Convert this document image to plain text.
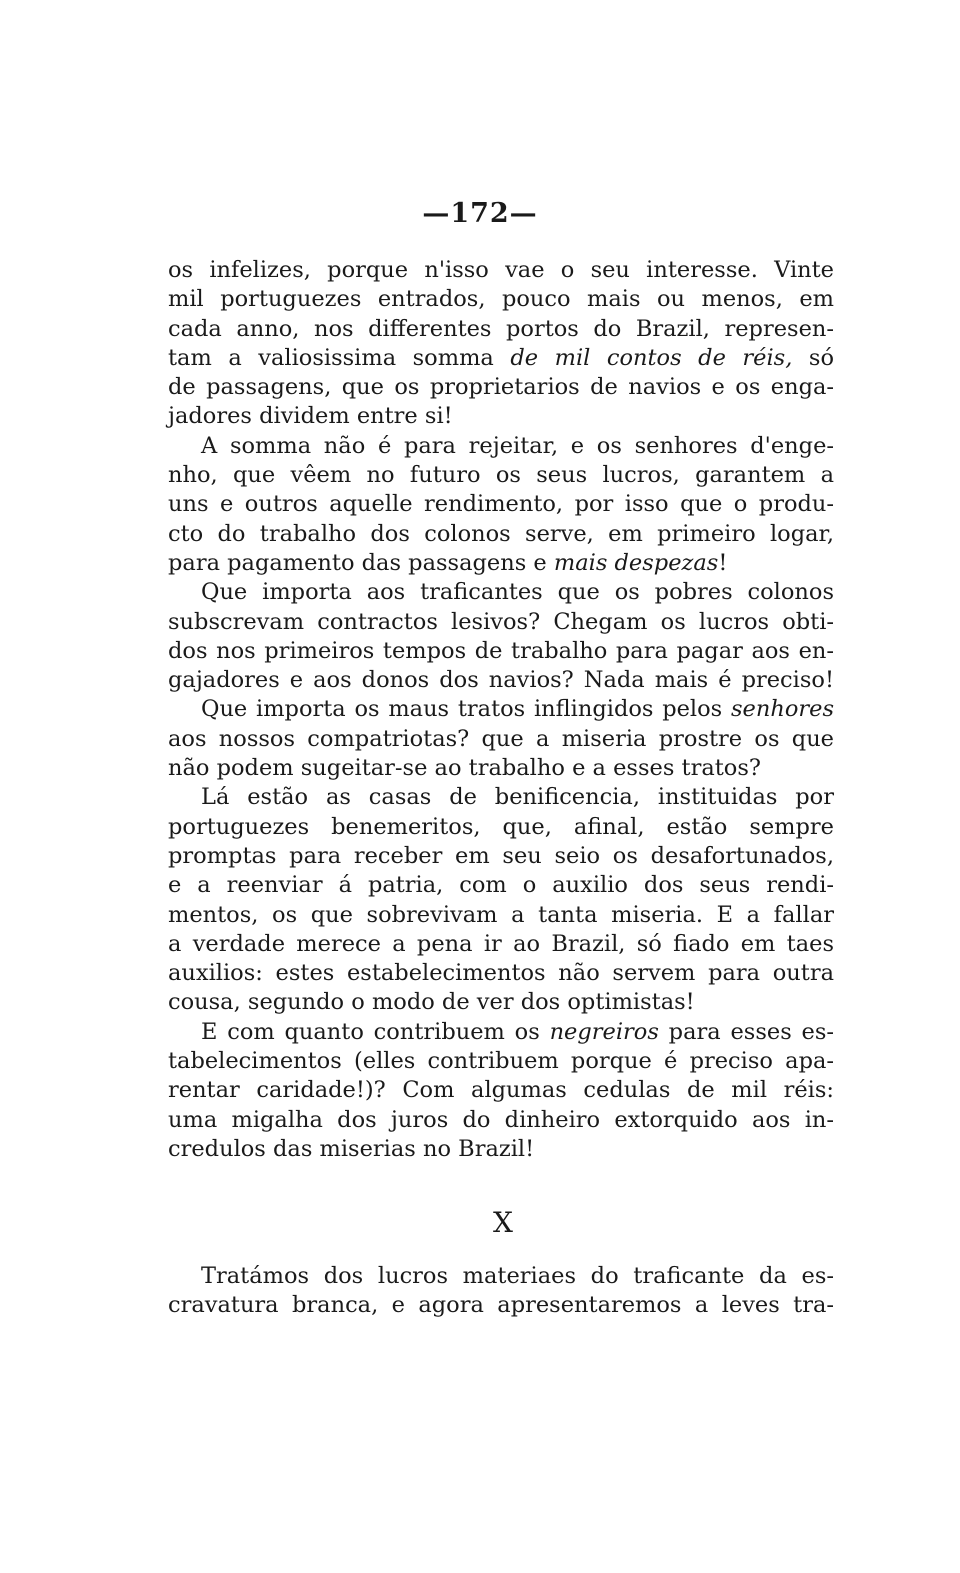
—172—
os infelizes, porque n'isso vae o seu interesse. Vinte
mil portuguezes entrados, pouco mais ou menos, em
cada anno, nos differentes portos do Brazil, represen-
tam a valiosissima somma de mil contos de réis, só
de passagens, que os proprietarios de navios e os enga-
jadores dividem entre si!
A somma não é para rejeitar, e os senhores d'enge-
nho, que vêem no futuro os seus lucros, garantem a
uns e outros aquelle rendimento, por isso que o produ-
cto do trabalho dos colonos serve, em primeiro logar,
para pagamento das passagens e mais despezas!
Que importa aos traficantes que os pobres colonos
subscrevam contractos lesivos? Chegam os lucros obti-
dos nos primeiros tempos de trabalho para pagar aos en-
gajadores e aos donos dos navios? Nada mais é preciso!
Que importa os maus tratos inflingidos pelos senhores
aos nossos compatriotas? que a miseria prostre os que
não podem sugeitar-se ao trabalho e a esses tratos?
Lá estão as casas de benificencia, instituidas por
portuguezes benemeritos, que, afinal, estão sempre
promptas para receber em seu seio os desafortunados,
e a reenviar á patria, com o auxilio dos seus rendi-
mentos, os que sobrevivam a tanta miseria. E a fallar
a verdade merece a pena ir ao Brazil, só fiado em taes
auxilios: estes estabelecimentos não servem para outra
cousa, segundo o modo de ver dos optimistas!
E com quanto contribuem os negreiros para esses es-
tabelecimentos (elles contribuem porque é preciso apa-
rentar caridade!)? Com algumas cedulas de mil réis:
uma migalha dos juros do dinheiro extorquido aos in-
credulos das miserias no Brazil!
X
Tratámos dos lucros materiaes do traficante da es-
cravatura branca, e agora apresentaremos a leves tra-
